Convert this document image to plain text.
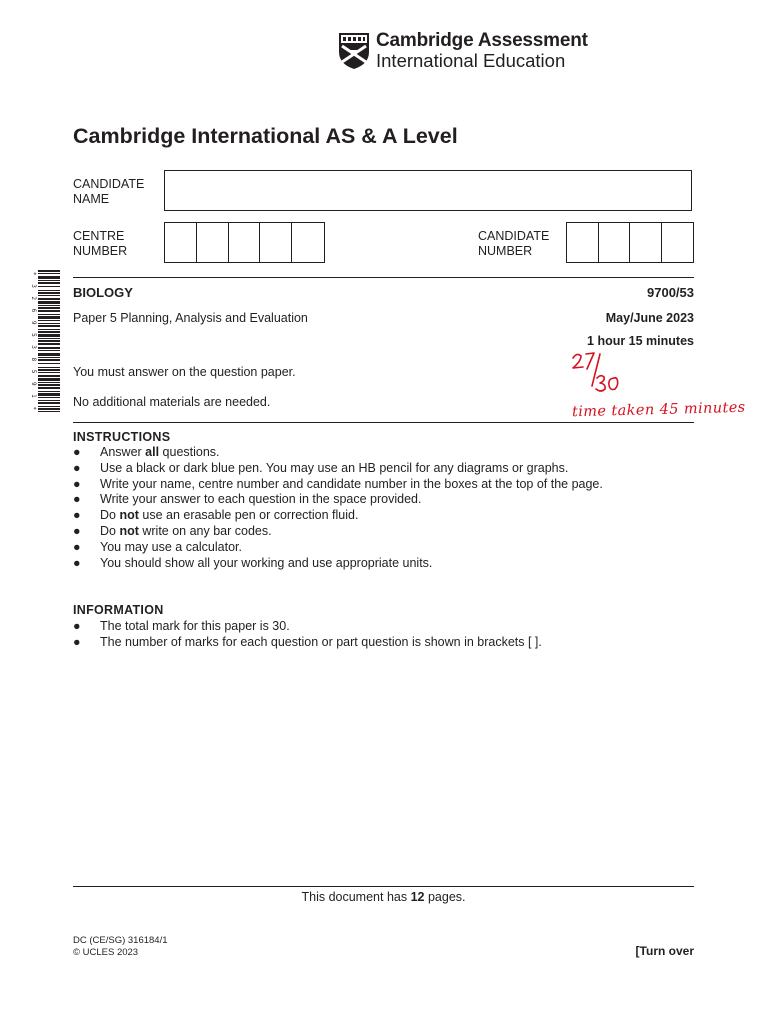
Cambridge Assessment
International Education
Cambridge International AS & A Level
CANDIDATE
NAME
CENTRE
NUMBER
CANDIDATE
NUMBER
*3269538591*
BIOLOGY	9700/53
Paper 5 Planning, Analysis and Evaluation	May/June 2023
1 hour 15 minutes
You must answer on the question paper.
No additional materials are needed.	time taken 45 minutes
INSTRUCTIONS
● Answer all questions.
● Use a black or dark blue pen. You may use an HB pencil for any diagrams or graphs.
● Write your name, centre number and candidate number in the boxes at the top of the page.
● Write your answer to each question in the space provided.
● Do not use an erasable pen or correction fluid.
● Do not write on any bar codes.
● You may use a calculator.
● You should show all your working and use appropriate units.
INFORMATION
● The total mark for this paper is 30.
● The number of marks for each question or part question is shown in brackets [ ].
This document has 12 pages.
DC (CE/SG) 316184/1
© UCLES 2023	[Turn over
